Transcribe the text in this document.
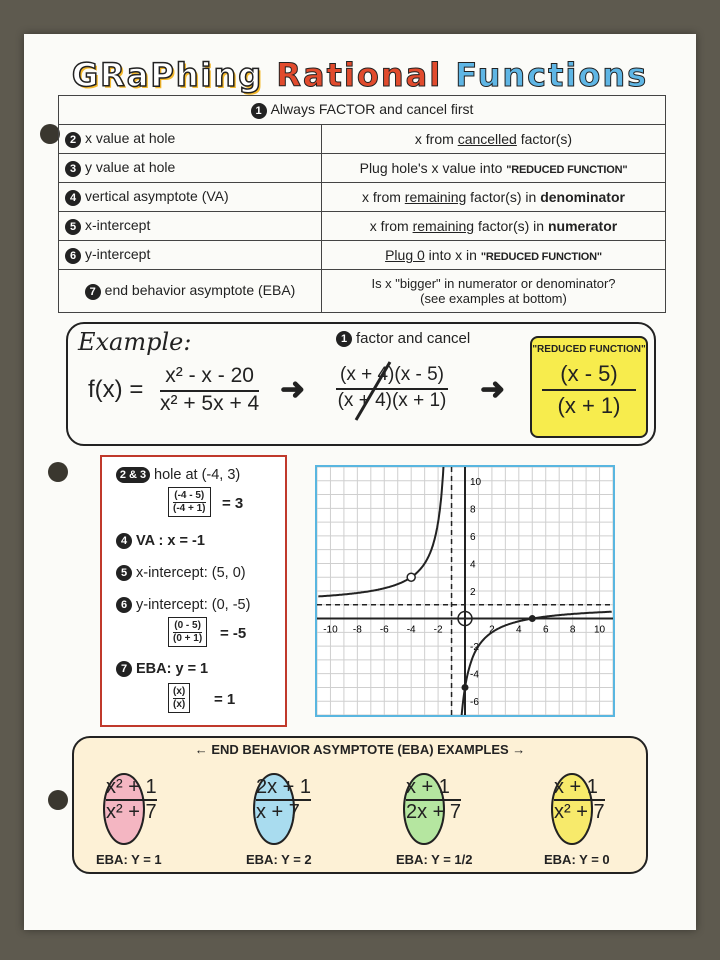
GRaPhing Rational Functions
1 Always FACTOR and cancel first	
2 x value at hole	x from cancelled factor(s)
3 y value at hole	Plug hole's x value into "REDUCED FUNCTION"
4 vertical asymptote (VA)	x from remaining factor(s) in denominator
5 x-intercept	x from remaining factor(s) in numerator
6 y-intercept	Plug 0 into x in "REDUCED FUNCTION"
7 end behavior asymptote (EBA)	Is x "bigger" in numerator or denominator?
(see examples at bottom)
Example:
$f(x) = \frac{\text{x² - x - 20}}{\text{x² + 5x + 4}}$ ➜
1 factor and cancel
$\frac{(x + 4)(x - 5)}{(x + 4)(x + 1)}$ ➜
"REDUCED FUNCTION"
(x - 5)
(x + 1)
2 & 3 hole at (-4, 3)
$\frac{(-4 - 5)}{(-4 + 1)} = 3$
4 VA : x = -1
5 x-intercept: (5, 0)
6 y-intercept: (0, -5)
$\frac{(0 - 5)}{(0 + 1)} = -5$
7 EBA: y = 1
$\frac{(x)}{(x)} = 1$
-10 -8 -6 -4 -2	2 4 6 8 10
10
8
6
4
2
-2
-4
-6
← END BEHAVIOR ASYMPTOTE (EBA) EXAMPLES →
$\frac{\text{x² + 1}}{\text{x² + 7}}$
EBA: Y = 1
$\frac{2x + 1}{x + 7}$
EBA: Y = 2
$\frac{x + 1}{2x + 7}$
EBA: Y = 1/2
$\frac{x + 1}{\text{x² + 7}}$
EBA: Y = 0
